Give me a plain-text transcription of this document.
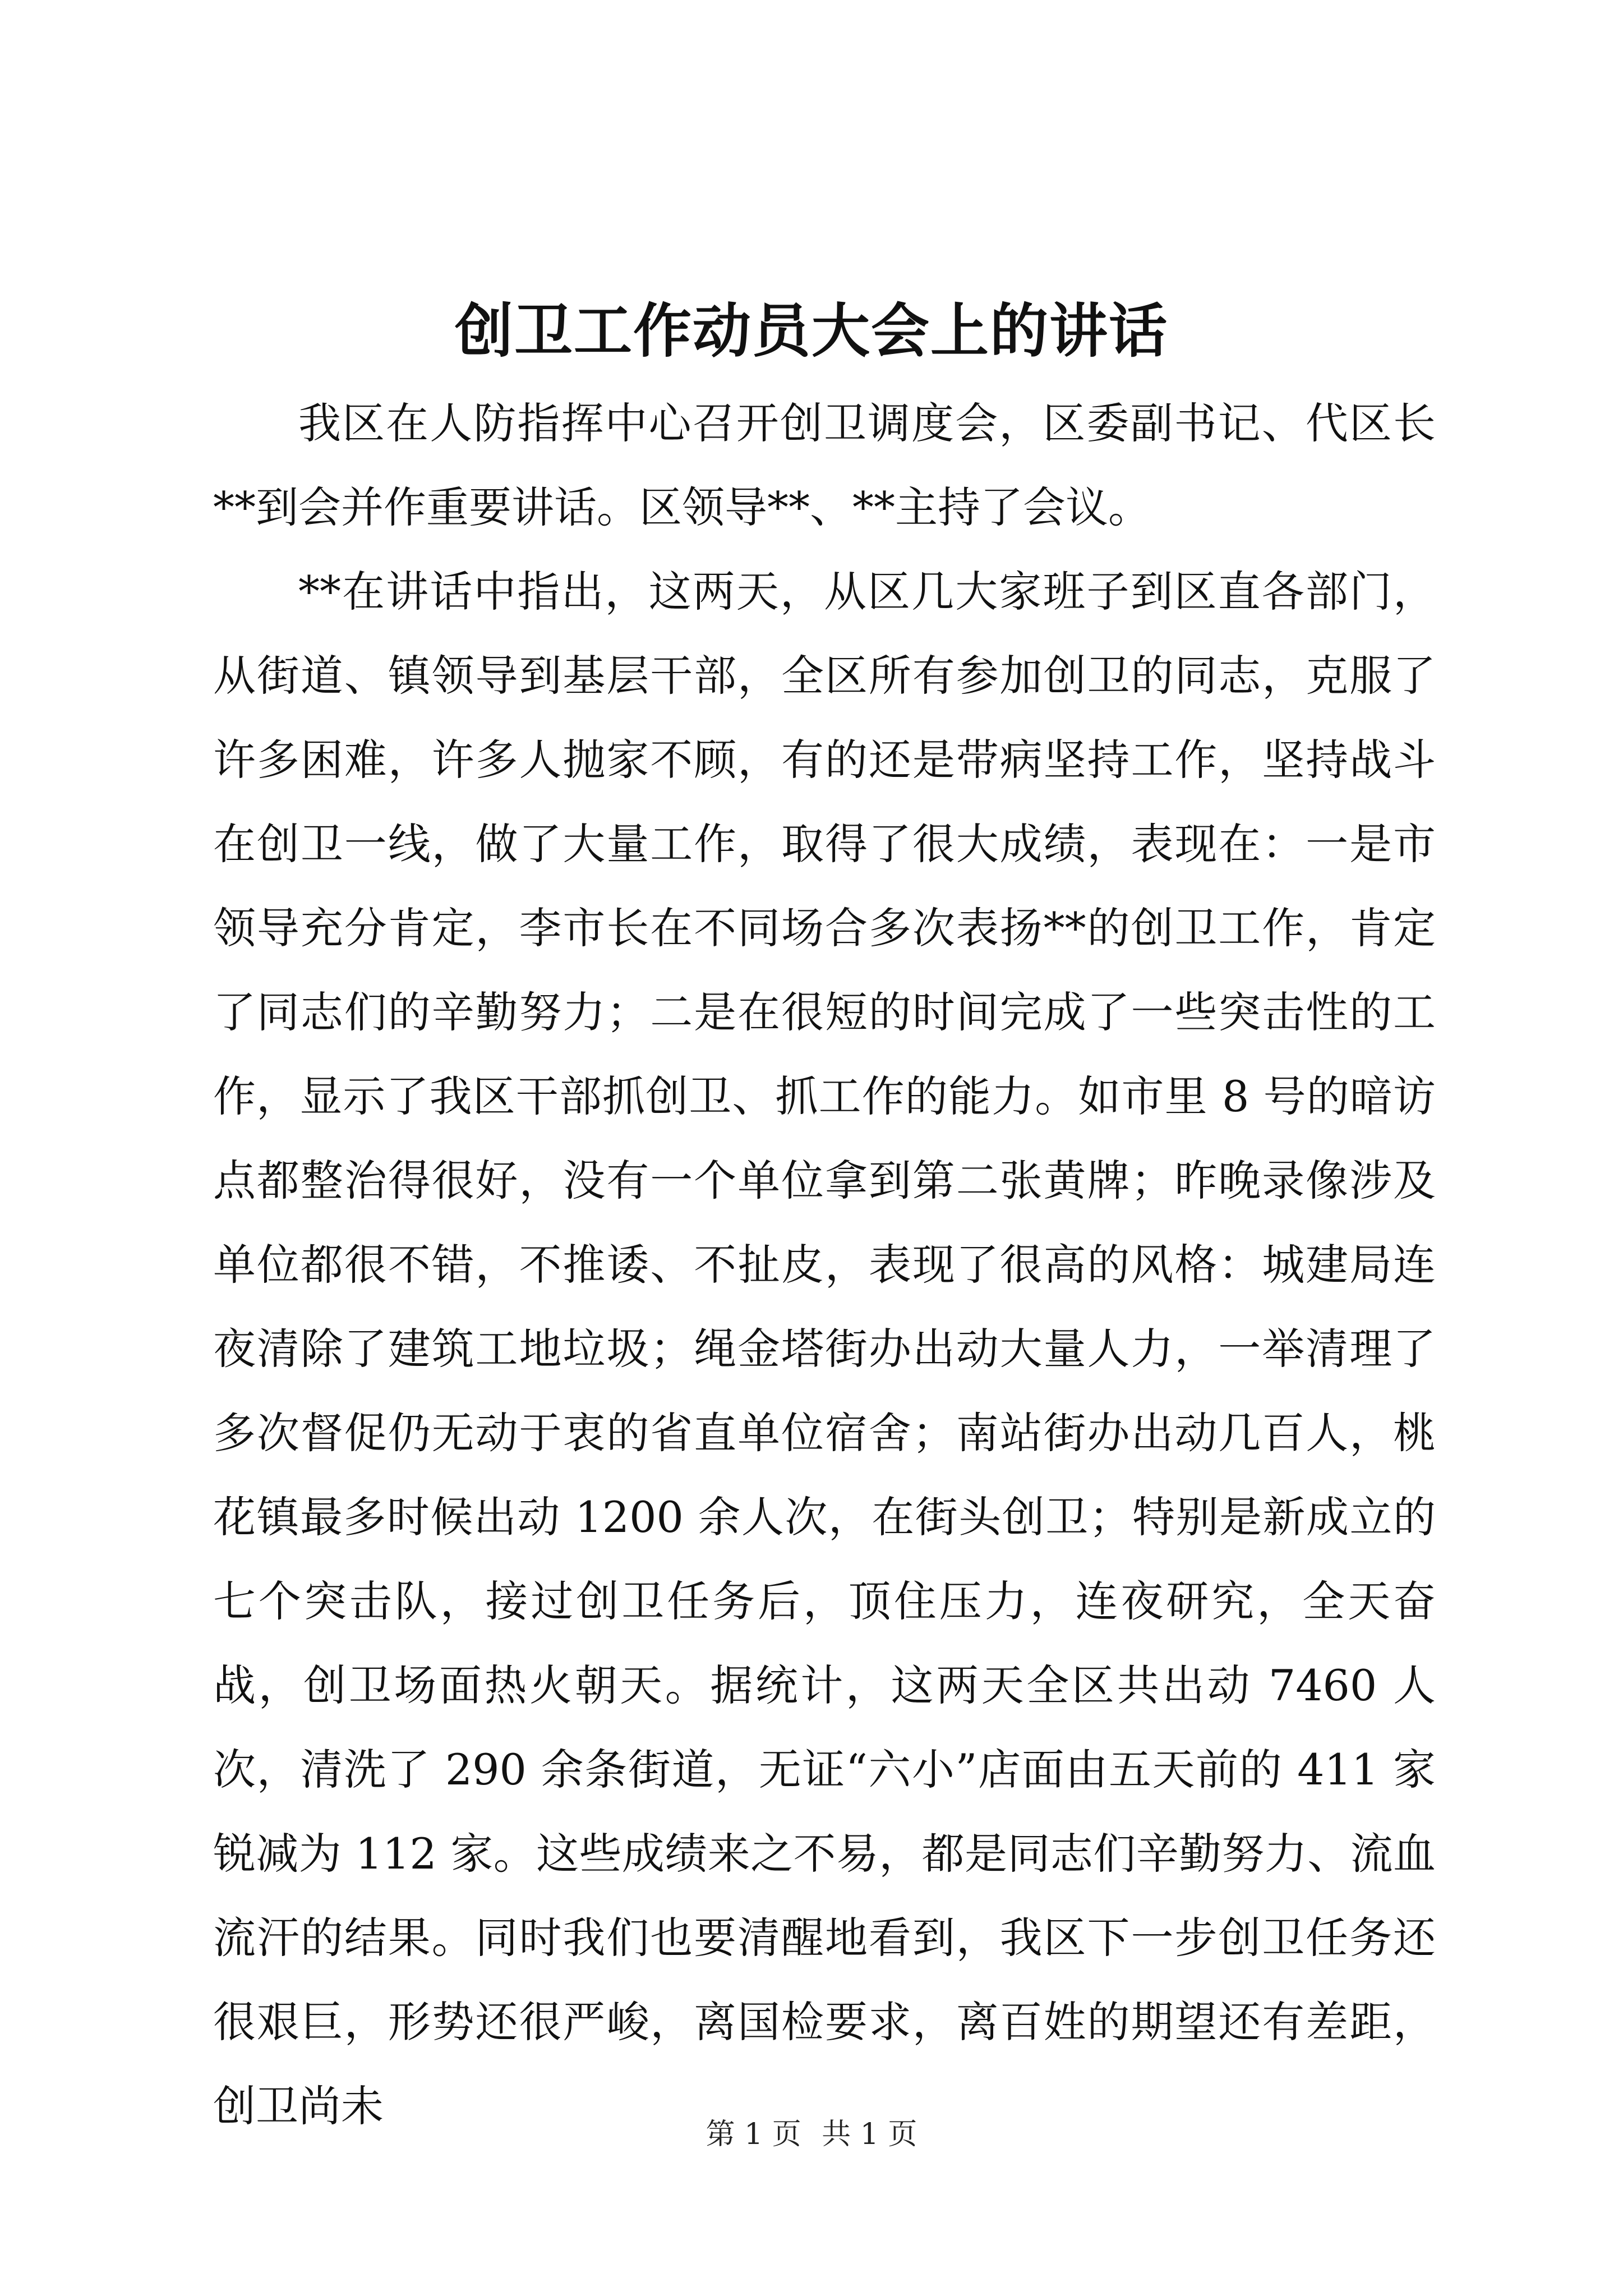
创卫工作动员大会上的讲话

我区在人防指挥中心召开创卫调度会，区委副书记、代区长**到会并作重要讲话。区领导**、**主持了会议。

**在讲话中指出，这两天，从区几大家班子到区直各部门，从街道、镇领导到基层干部，全区所有参加创卫的同志，克服了许多困难，许多人抛家不顾，有的还是带病坚持工作，坚持战斗在创卫一线，做了大量工作，取得了很大成绩，表现在：一是市领导充分肯定，李市长在不同场合多次表扬**的创卫工作，肯定了同志们的辛勤努力；二是在很短的时间完成了一些突击性的工作，显示了我区干部抓创卫、抓工作的能力。如市里 8 号的暗访点都整治得很好，没有一个单位拿到第二张黄牌；昨晚录像涉及单位都很不错，不推诿、不扯皮，表现了很高的风格：城建局连夜清除了建筑工地垃圾；绳金塔街办出动大量人力，一举清理了多次督促仍无动于衷的省直单位宿舍；南站街办出动几百人，桃花镇最多时候出动 1200 余人次，在街头创卫；特别是新成立的七个突击队，接过创卫任务后，顶住压力，连夜研究，全天奋战，创卫场面热火朝天。据统计，这两天全区共出动 7460 人次，清洗了 290 余条街道，无证“六小”店面由五天前的 411 家锐减为 112 家。这些成绩来之不易，都是同志们辛勤努力、流血流汗的结果。同时我们也要清醒地看到，我区下一步创卫任务还很艰巨，形势还很严峻，离国检要求，离百姓的期望还有差距，创卫尚未

第 1 页 共 1 页
